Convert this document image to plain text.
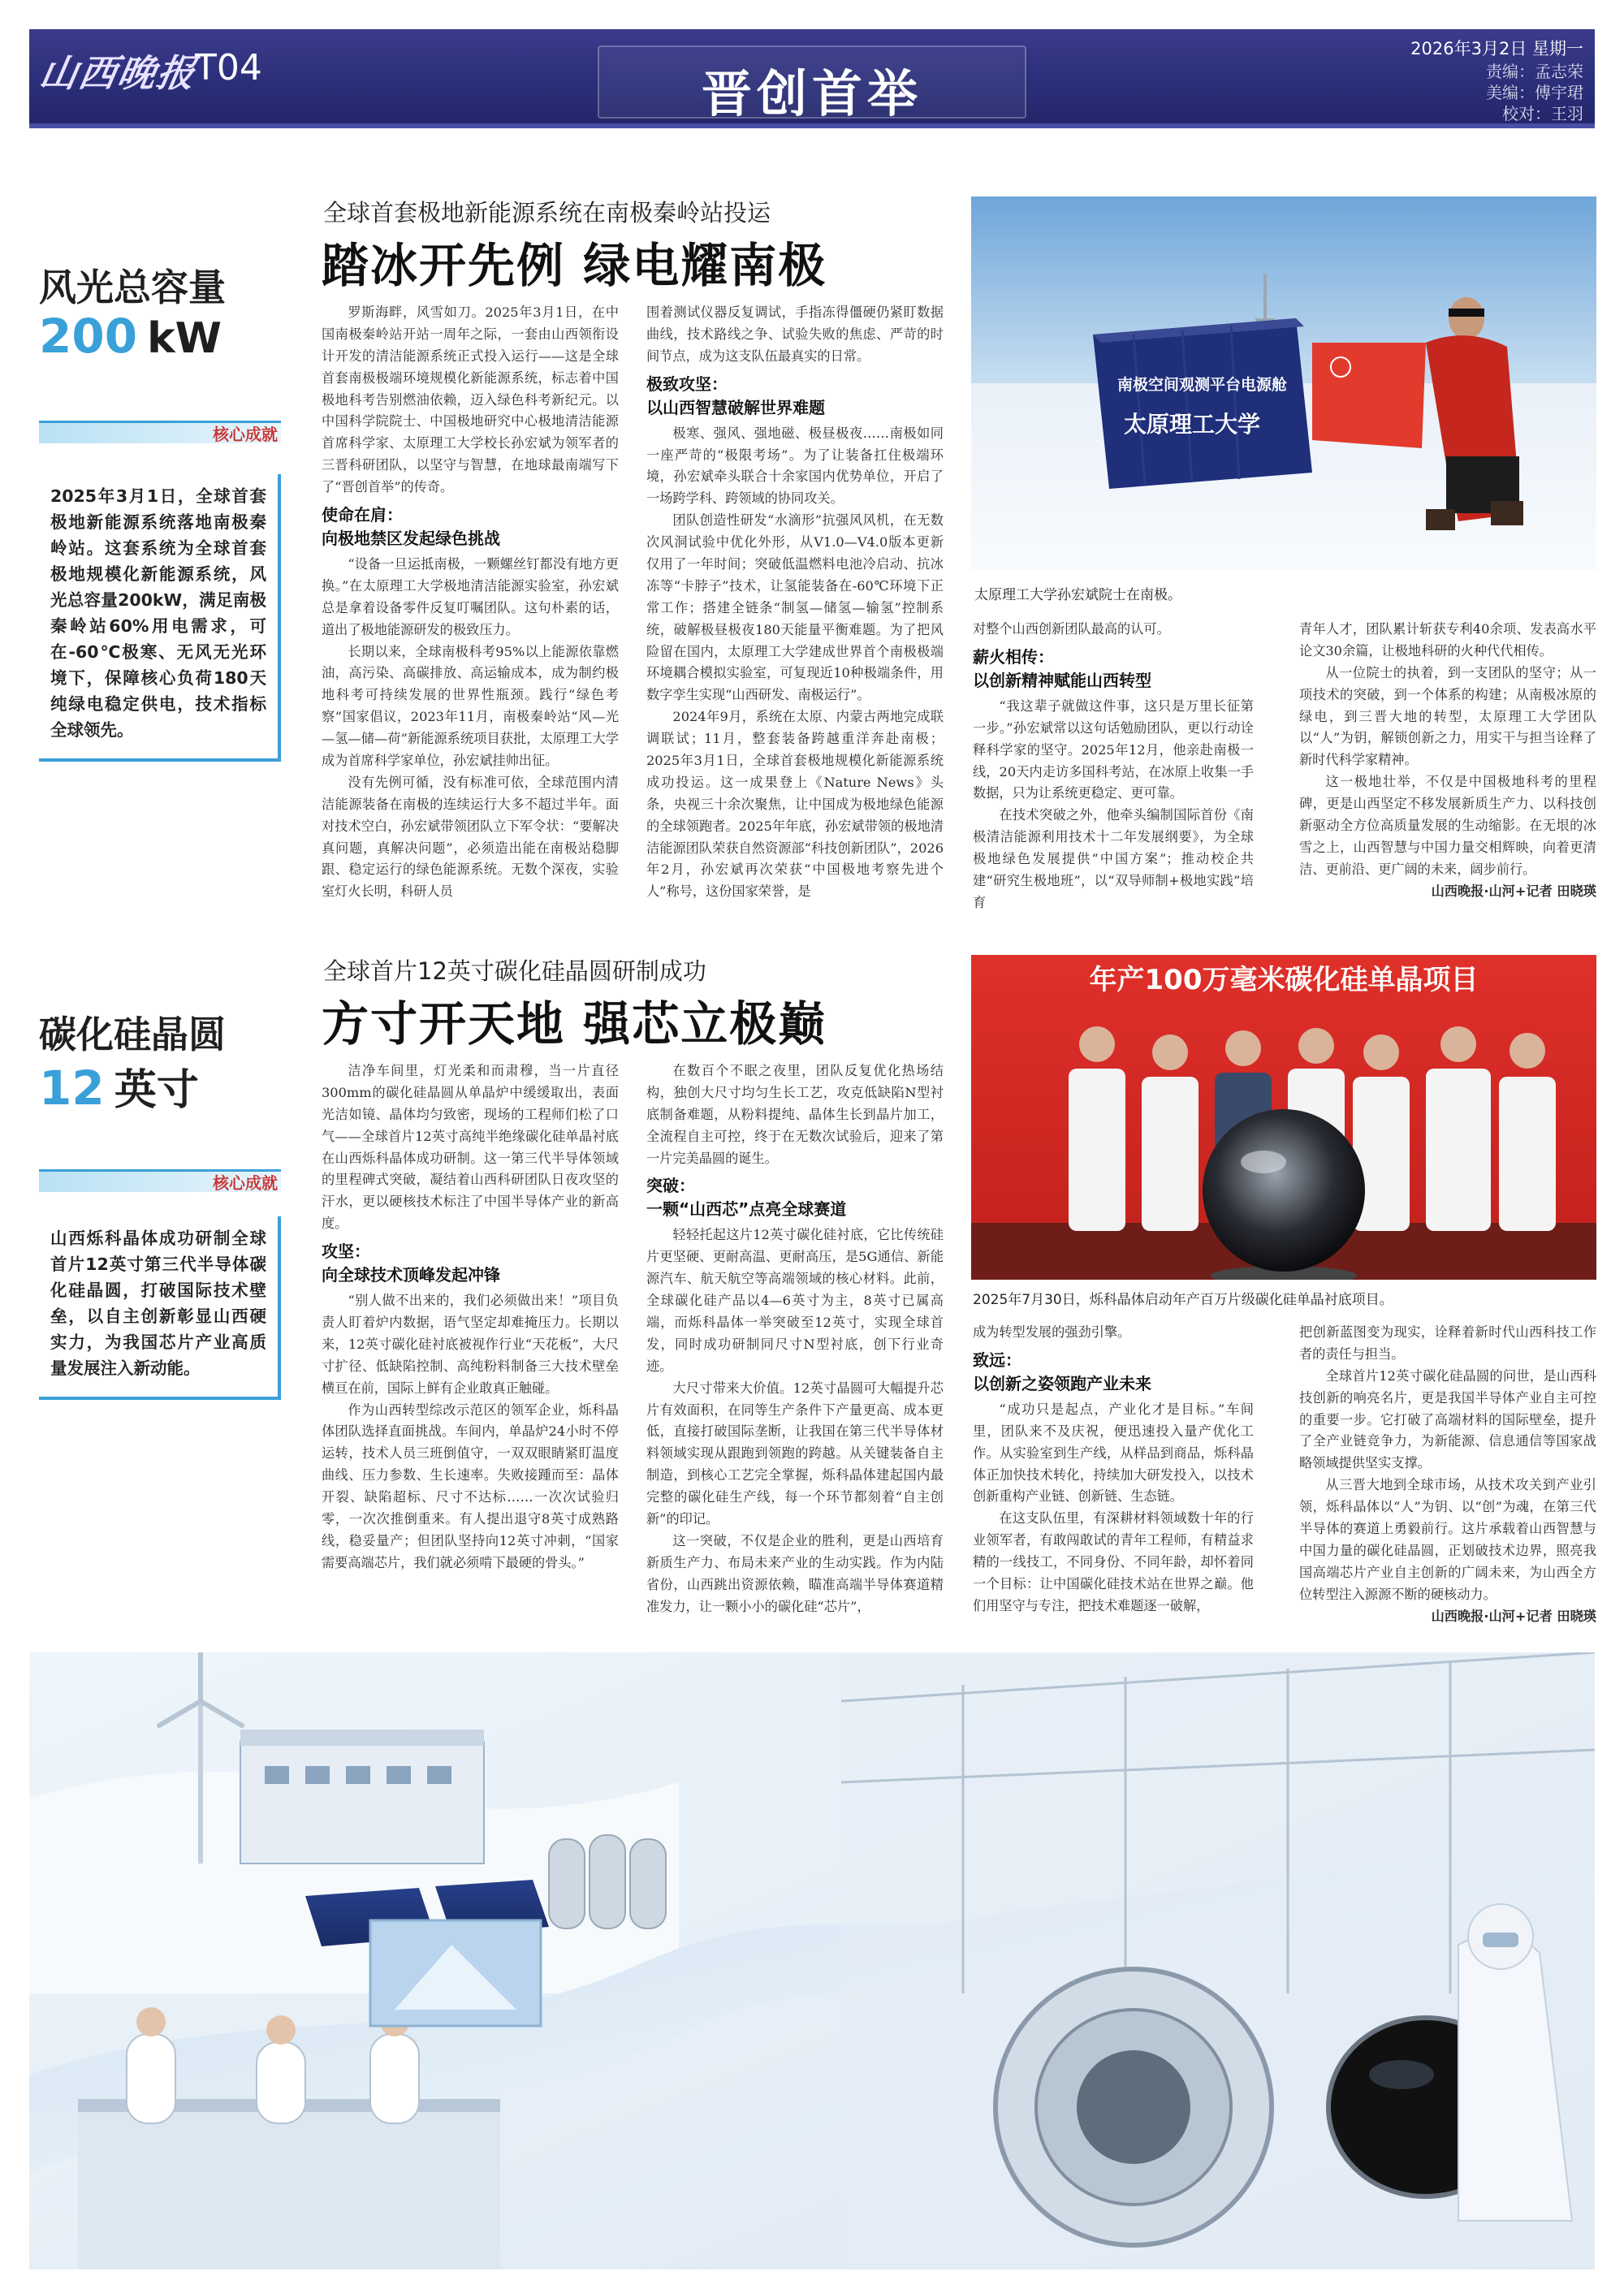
山西晚报
T04	晋创首举
2026年3月2日 星期一
责编：孟志荣
美编：傅宇珺
校对：王羽
风光总容量
200 kW
核心成就
2025年3月1日，全球首套极地新能源系统落地南极秦岭站。这套系统为全球首套极地规模化新能源系统，风光总容量200kW，满足南极秦岭站60%用电需求，可在-60℃极寒、无风无光环境下，保障核心负荷180天纯绿电稳定供电，技术指标全球领先。
全球首套极地新能源系统在南极秦岭站投运
踏冰开先例 绿电耀南极

罗斯海畔，风雪如刀。2025年3月1日，在中国南极秦岭站开站一周年之际，一套由山西领衔设计开发的清洁能源系统正式投入运行——这是全球首套南极极端环境规模化新能源系统，标志着中国极地科考告别燃油依赖，迈入绿色科考新纪元。以中国科学院院士、中国极地研究中心极地清洁能源首席科学家、太原理工大学校长孙宏斌为领军者的三晋科研团队，以坚守与智慧，在地球最南端写下了“晋创首举”的传奇。

使命在肩：
向极地禁区发起绿色挑战

“设备一旦运抵南极，一颗螺丝钉都没有地方更换。”在太原理工大学极地清洁能源实验室，孙宏斌总是拿着设备零件反复叮嘱团队。这句朴素的话，道出了极地能源研发的极致压力。

长期以来，全球南极科考95%以上能源依靠燃油，高污染、高碳排放、高运输成本，成为制约极地科考可持续发展的世界性瓶颈。践行“绿色考察”国家倡议，2023年11月，南极秦岭站“风—光—氢—储—荷”新能源系统项目获批，太原理工大学成为首席科学家单位，孙宏斌挂帅出征。

没有先例可循，没有标准可依，全球范围内清洁能源装备在南极的连续运行大多不超过半年。面对技术空白，孙宏斌带领团队立下军令状：“要解决真问题，真解决问题”，必须造出能在南极站稳脚跟、稳定运行的绿色能源系统。无数个深夜，实验室灯火长明，科研人员

围着测试仪器反复调试，手指冻得僵硬仍紧盯数据曲线，技术路线之争、试验失败的焦虑、严苛的时间节点，成为这支队伍最真实的日常。

极致攻坚：
以山西智慧破解世界难题

极寒、强风、强地磁、极昼极夜……南极如同一座严苛的“极限考场”。为了让装备扛住极端环境，孙宏斌牵头联合十余家国内优势单位，开启了一场跨学科、跨领域的协同攻关。

团队创造性研发“水滴形”抗强风风机，在无数次风洞试验中优化外形，从V1.0—V4.0版本更新仅用了一年时间；突破低温燃料电池冷启动、抗冰冻等“卡脖子”技术，让氢能装备在-60℃环境下正常工作；搭建全链条“制氢—储氢—输氢”控制系统，破解极昼极夜180天能量平衡难题。为了把风险留在国内，太原理工大学建成世界首个南极极端环境耦合模拟实验室，可复现近10种极端条件，用数字孪生实现“山西研发、南极运行”。

2024年9月，系统在太原、内蒙古两地完成联调联试；11月，整套装备跨越重洋奔赴南极；2025年3月1日，全球首套极地规模化新能源系统成功投运。这一成果登上《Nature News》头条，央视三十余次聚焦，让中国成为极地绿色能源的全球领跑者。2025年年底，孙宏斌带领的极地清洁能源团队荣获自然资源部“科技创新团队”，2026年2月，孙宏斌再次荣获“中国极地考察先进个人”称号，这份国家荣誉，是

南极空间观测平台电源舱
太原理工大学
太原理工大学孙宏斌院士在南极。

对整个山西创新团队最高的认可。

薪火相传：
以创新精神赋能山西转型

“我这辈子就做这件事，这只是万里长征第一步。”孙宏斌常以这句话勉励团队，更以行动诠释科学家的坚守。2025年12月，他亲赴南极一线，20天内走访多国科考站，在冰原上收集一手数据，只为让系统更稳定、更可靠。

在技术突破之外，他牵头编制国际首份《南极清洁能源利用技术十二年发展纲要》，为全球极地绿色发展提供“中国方案”；推动校企共建“研究生极地班”，以“双导师制+极地实践”培育

青年人才，团队累计斩获专利40余项、发表高水平论文30余篇，让极地科研的火种代代相传。

从一位院士的执着，到一支团队的坚守；从一项技术的突破，到一个体系的构建；从南极冰原的绿电，到三晋大地的转型，太原理工大学团队以“人”为钥，解锁创新之力，用实干与担当诠释了新时代科学家精神。

这一极地壮举，不仅是中国极地科考的里程碑，更是山西坚定不移发展新质生产力、以科技创新驱动全方位高质量发展的生动缩影。在无垠的冰雪之上，山西智慧与中国力量交相辉映，向着更清洁、更前沿、更广阔的未来，阔步前行。

山西晚报·山河+记者 田晓瑛
碳化硅晶圆
12 英寸
核心成就
山西烁科晶体成功研制全球首片12英寸第三代半导体碳化硅晶圆，打破国际技术壁垒，以自主创新彰显山西硬实力，为我国芯片产业高质量发展注入新动能。
全球首片12英寸碳化硅晶圆研制成功
方寸开天地 强芯立极巅

洁净车间里，灯光柔和而肃穆，当一片直径300mm的碳化硅晶圆从单晶炉中缓缓取出，表面光洁如镜、晶体均匀致密，现场的工程师们松了口气——全球首片12英寸高纯半绝缘碳化硅单晶衬底在山西烁科晶体成功研制。这一第三代半导体领域的里程碑式突破，凝结着山西科研团队日夜攻坚的汗水，更以硬核技术标注了中国半导体产业的新高度。

攻坚：
向全球技术顶峰发起冲锋

“别人做不出来的，我们必须做出来！”项目负责人盯着炉内数据，语气坚定却难掩压力。长期以来，12英寸碳化硅衬底被视作行业“天花板”，大尺寸扩径、低缺陷控制、高纯粉料制备三大技术壁垒横亘在前，国际上鲜有企业敢真正触碰。

作为山西转型综改示范区的领军企业，烁科晶体团队选择直面挑战。车间内，单晶炉24小时不停运转，技术人员三班倒值守，一双双眼睛紧盯温度曲线、压力参数、生长速率。失败接踵而至：晶体开裂、缺陷超标、尺寸不达标……一次次试验归零，一次次推倒重来。有人提出退守8英寸成熟路线，稳妥量产；但团队坚持向12英寸冲刺，“国家需要高端芯片，我们就必须啃下最硬的骨头。”

在数百个不眠之夜里，团队反复优化热场结构，独创大尺寸均匀生长工艺，攻克低缺陷N型衬底制备难题，从粉料提纯、晶体生长到晶片加工，全流程自主可控，终于在无数次试验后，迎来了第一片完美晶圆的诞生。

突破：
一颗“山西芯”点亮全球赛道

轻轻托起这片12英寸碳化硅衬底，它比传统硅片更坚硬、更耐高温、更耐高压，是5G通信、新能源汽车、航天航空等高端领域的核心材料。此前，全球碳化硅产品以4—6英寸为主，8英寸已属高端，而烁科晶体一举突破至12英寸，实现全球首发，同时成功研制同尺寸N型衬底，创下行业奇迹。

大尺寸带来大价值。12英寸晶圆可大幅提升芯片有效面积，在同等生产条件下产量更高、成本更低，直接打破国际垄断，让我国在第三代半导体材料领域实现从跟跑到领跑的跨越。从关键装备自主制造，到核心工艺完全掌握，烁科晶体建起国内最完整的碳化硅生产线，每一个环节都刻着“自主创新”的印记。

这一突破，不仅是企业的胜利，更是山西培育新质生产力、布局未来产业的生动实践。作为内陆省份，山西跳出资源依赖，瞄准高端半导体赛道精准发力，让一颗小小的碳化硅“芯片”，

年产100万毫米碳化硅单晶项目
2025年7月30日，烁科晶体启动年产百万片级碳化硅单晶衬底项目。

成为转型发展的强劲引擎。

致远：
以创新之姿领跑产业未来

“成功只是起点，产业化才是目标。”车间里，团队来不及庆祝，便迅速投入量产优化工作。从实验室到生产线，从样品到商品，烁科晶体正加快技术转化，持续加大研发投入，以技术创新重构产业链、创新链、生态链。

在这支队伍里，有深耕材料领域数十年的行业领军者，有敢闯敢试的青年工程师，有精益求精的一线技工，不同身份、不同年龄，却怀着同一个目标：让中国碳化硅技术站在世界之巅。他们用坚守与专注，把技术难题逐一破解，

把创新蓝图变为现实，诠释着新时代山西科技工作者的责任与担当。

全球首片12英寸碳化硅晶圆的问世，是山西科技创新的响亮名片，更是我国半导体产业自主可控的重要一步。它打破了高端材料的国际壁垒，提升了全产业链竞争力，为新能源、信息通信等国家战略领域提供坚实支撑。

从三晋大地到全球市场，从技术攻关到产业引领，烁科晶体以“人”为钥、以“创”为魂，在第三代半导体的赛道上勇毅前行。这片承载着山西智慧与中国力量的碳化硅晶圆，正划破技术边界，照亮我国高端芯片产业自主创新的广阔未来，为山西全方位转型注入源源不断的硬核动力。

山西晚报·山河+记者 田晓瑛
